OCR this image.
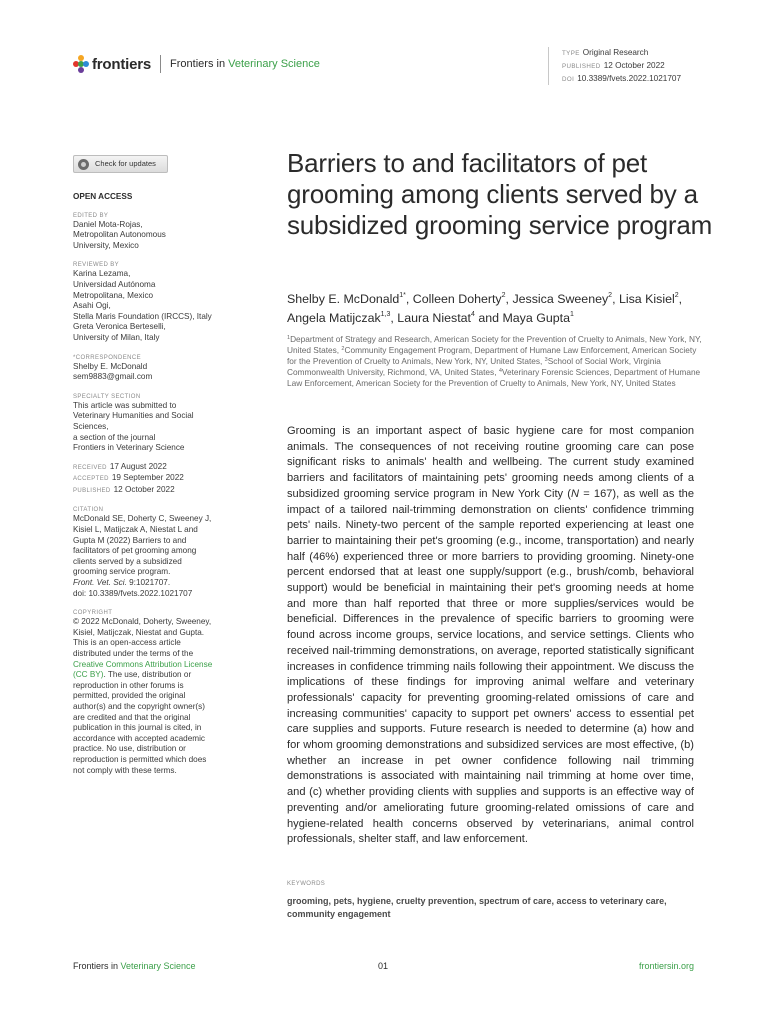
frontiers Frontiers in Veterinary Science
TYPE Original Research
PUBLISHED 12 October 2022
DOI 10.3389/fvets.2022.1021707
Check for updates
OPEN ACCESS
EDITED BY
Daniel Mota-Rojas,
Metropolitan Autonomous
University, Mexico
REVIEWED BY
Karina Lezama,
Universidad Autónoma
Metropolitana, Mexico
Asahi Ogi,
Stella Maris Foundation (IRCCS), Italy
Greta Veronica Berteselli,
University of Milan, Italy
*CORRESPONDENCE
Shelby E. McDonald
sem9883@gmail.com
SPECIALTY SECTION
This article was submitted to
Veterinary Humanities and Social
Sciences,
a section of the journal
Frontiers in Veterinary Science
RECEIVED 17 August 2022
ACCEPTED 19 September 2022
PUBLISHED 12 October 2022
CITATION
McDonald SE, Doherty C, Sweeney J,
Kisiel L, Matijczak A, Niestat L and
Gupta M (2022) Barriers to and
facilitators of pet grooming among
clients served by a subsidized
grooming service program.
Front. Vet. Sci. 9:1021707.
doi: 10.3389/fvets.2022.1021707
COPYRIGHT
© 2022 McDonald, Doherty, Sweeney,
Kisiel, Matijczak, Niestat and Gupta.
This is an open-access article
distributed under the terms of the
Creative Commons Attribution License
(CC BY). The use, distribution or
reproduction in other forums is
permitted, provided the original
author(s) and the copyright owner(s)
are credited and that the original
publication in this journal is cited, in
accordance with accepted academic
practice. No use, distribution or
reproduction is permitted which does
not comply with these terms.
Barriers to and facilitators of pet grooming among clients served by a subsidized grooming service program
Shelby E. McDonald$^{1*}$, Colleen Doherty$^2$, Jessica Sweeney$^2$, Lisa Kisiel$^2$, Angela Matijczak$^{1,3}$, Laura Niestat$^4$ and Maya Gupta$^1$
$^1$Department of Strategy and Research, American Society for the Prevention of Cruelty to Animals, New York, NY, United States, $^2$Community Engagement Program, Department of Humane Law Enforcement, American Society for the Prevention of Cruelty to Animals, New York, NY, United States, $^3$School of Social Work, Virginia Commonwealth University, Richmond, VA, United States, $^4$Veterinary Forensic Sciences, Department of Humane Law Enforcement, American Society for the Prevention of Cruelty to Animals, New York, NY, United States
Grooming is an important aspect of basic hygiene care for most companion animals. The consequences of not receiving routine grooming care can pose significant risks to animals' health and wellbeing. The current study examined barriers and facilitators of maintaining pets' grooming needs among clients of a subsidized grooming service program in New York City (N = 167), as well as the impact of a tailored nail-trimming demonstration on clients' confidence trimming pets' nails. Ninety-two percent of the sample reported experiencing at least one barrier to maintaining their pet's grooming (e.g., income, transportation) and nearly half (46%) experienced three or more barriers to providing grooming. Ninety-one percent endorsed that at least one supply/support (e.g., brush/comb, behavioral support) would be beneficial in maintaining their pet's grooming needs at home and more than half reported that three or more supplies/services would be beneficial. Differences in the prevalence of specific barriers to grooming were found across income groups, service locations, and service settings. Clients who received nail-trimming demonstrations, on average, reported statistically significant increases in confidence trimming nails following their appointment. We discuss the implications of these findings for improving animal welfare and veterinary professionals' capacity for preventing grooming-related omissions of care and increasing communities' capacity to support pet owners' access to essential pet care supplies and supports. Future research is needed to determine (a) how and for whom grooming demonstrations and subsidized services are most effective, (b) whether an increase in pet owner confidence following nail trimming demonstrations is associated with maintaining nail trimming at home over time, and (c) whether providing clients with supplies and supports is an effective way of preventing and/or ameliorating future grooming-related omissions of care and hygiene-related health concerns observed by veterinarians, animal control professionals, shelter staff, and law enforcement.
KEYWORDS
grooming, pets, hygiene, cruelty prevention, spectrum of care, access to veterinary care, community engagement
Frontiers in Veterinary Science	01	frontiersin.org
